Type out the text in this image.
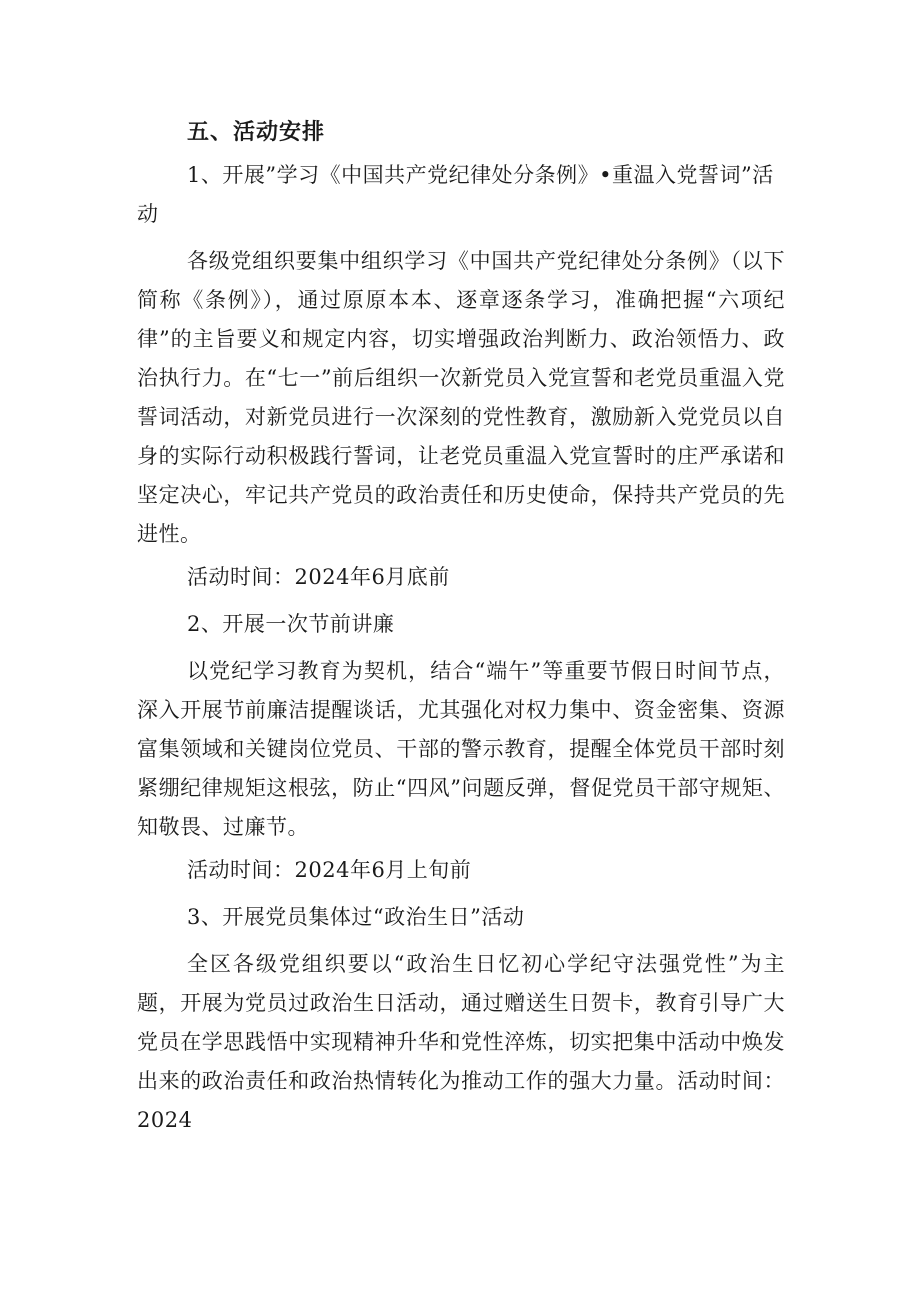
五、活动安排
1、开展”学习《中国共产党纪律处分条例》•重温入党誓词”活动
各级党组织要集中组织学习《中国共产党纪律处分条例》（以下简称《条例》），通过原原本本、逐章逐条学习，准确把握“六项纪律”的主旨要义和规定内容，切实增强政治判断力、政治领悟力、政治执行力。在“七一”前后组织一次新党员入党宣誓和老党员重温入党誓词活动，对新党员进行一次深刻的党性教育，激励新入党党员以自身的实际行动积极践行誓词，让老党员重温入党宣誓时的庄严承诺和坚定决心，牢记共产党员的政治责任和历史使命，保持共产党员的先进性。
活动时间：2024年6月底前
2、开展一次节前讲廉
以党纪学习教育为契机，结合“端午”等重要节假日时间节点，深入开展节前廉洁提醒谈话，尤其强化对权力集中、资金密集、资源富集领域和关键岗位党员、干部的警示教育，提醒全体党员干部时刻紧绷纪律规矩这根弦，防止“四风”问题反弹，督促党员干部守规矩、知敬畏、过廉节。
活动时间：2024年6月上旬前
3、开展党员集体过“政治生日”活动
全区各级党组织要以“政治生日忆初心学纪守法强党性”为主题，开展为党员过政治生日活动，通过赠送生日贺卡，教育引导广大党员在学思践悟中实现精神升华和党性淬炼，切实把集中活动中焕发出来的政治责任和政治热情转化为推动工作的强大力量。活动时间：2024
